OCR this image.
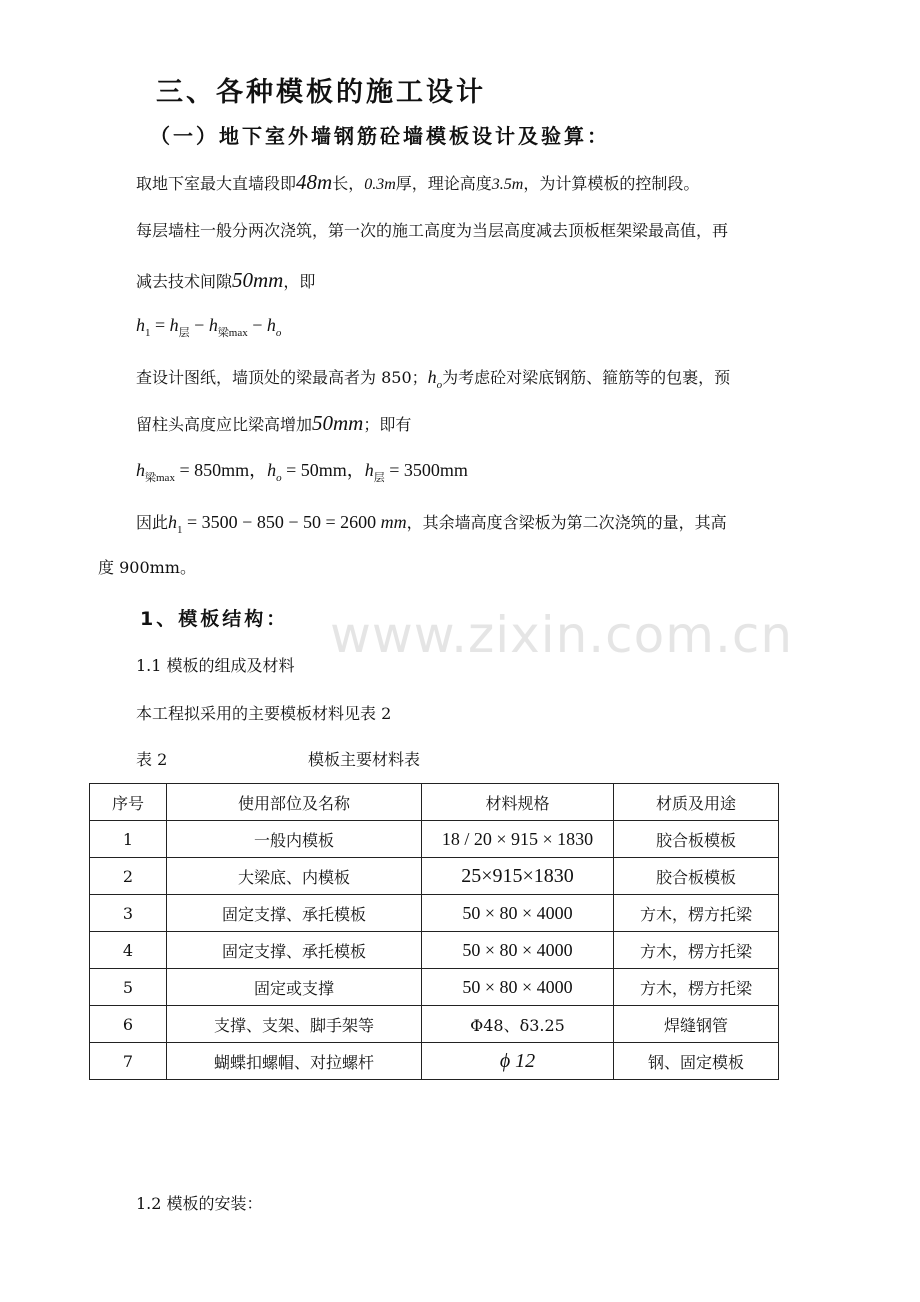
三、各种模板的施工设计
（一）地下室外墙钢筋砼墙模板设计及验算：
取地下室最大直墙段即48m长，0.3m厚，理论高度3.5m，为计算模板的控制段。
每层墙柱一般分两次浇筑，第一次的施工高度为当层高度减去顶板框架梁最高值，再
减去技术间隙50mm，即
$h_1 = h_层 - h_{梁max} - h_o$
查设计图纸，墙顶处的梁最高者为 850；$h_o$为考虑砼对梁底钢筋、箍筋等的包裹，预
留柱头高度应比梁高增加50mm；即有
$h_{梁max} = 850mm$，$h_o = 50mm$，$h_层 = 3500mm$
因此$h_1 = 3500 - 850 - 50 = 2600$ mm，其余墙高度含梁板为第二次浇筑的量，其高
度 900mm。
1、模板结构： www.zixin.com.cn
1.1 模板的组成及材料
本工程拟采用的主要模板材料见表 2
表 2	模板主要材料表
序号	使用部位及名称	材料规格	材质及用途
1	一般内模板	18 / 20 × 915 × 1830	胶合板模板
2	大梁底、内模板	25×915×1830	胶合板模板
3	固定支撑、承托模板	50 × 80 × 4000	方木，楞方托梁
4	固定支撑、承托模板	50 × 80 × 4000	方木，楞方托梁
5	固定或支撑	50 × 80 × 4000	方木，楞方托梁
6	支撑、支架、脚手架等	Φ48、δ3.25	焊缝钢管
7	蝴蝶扣螺帽、对拉螺杆	ϕ 12	钢、固定模板
1.2 模板的安装：
